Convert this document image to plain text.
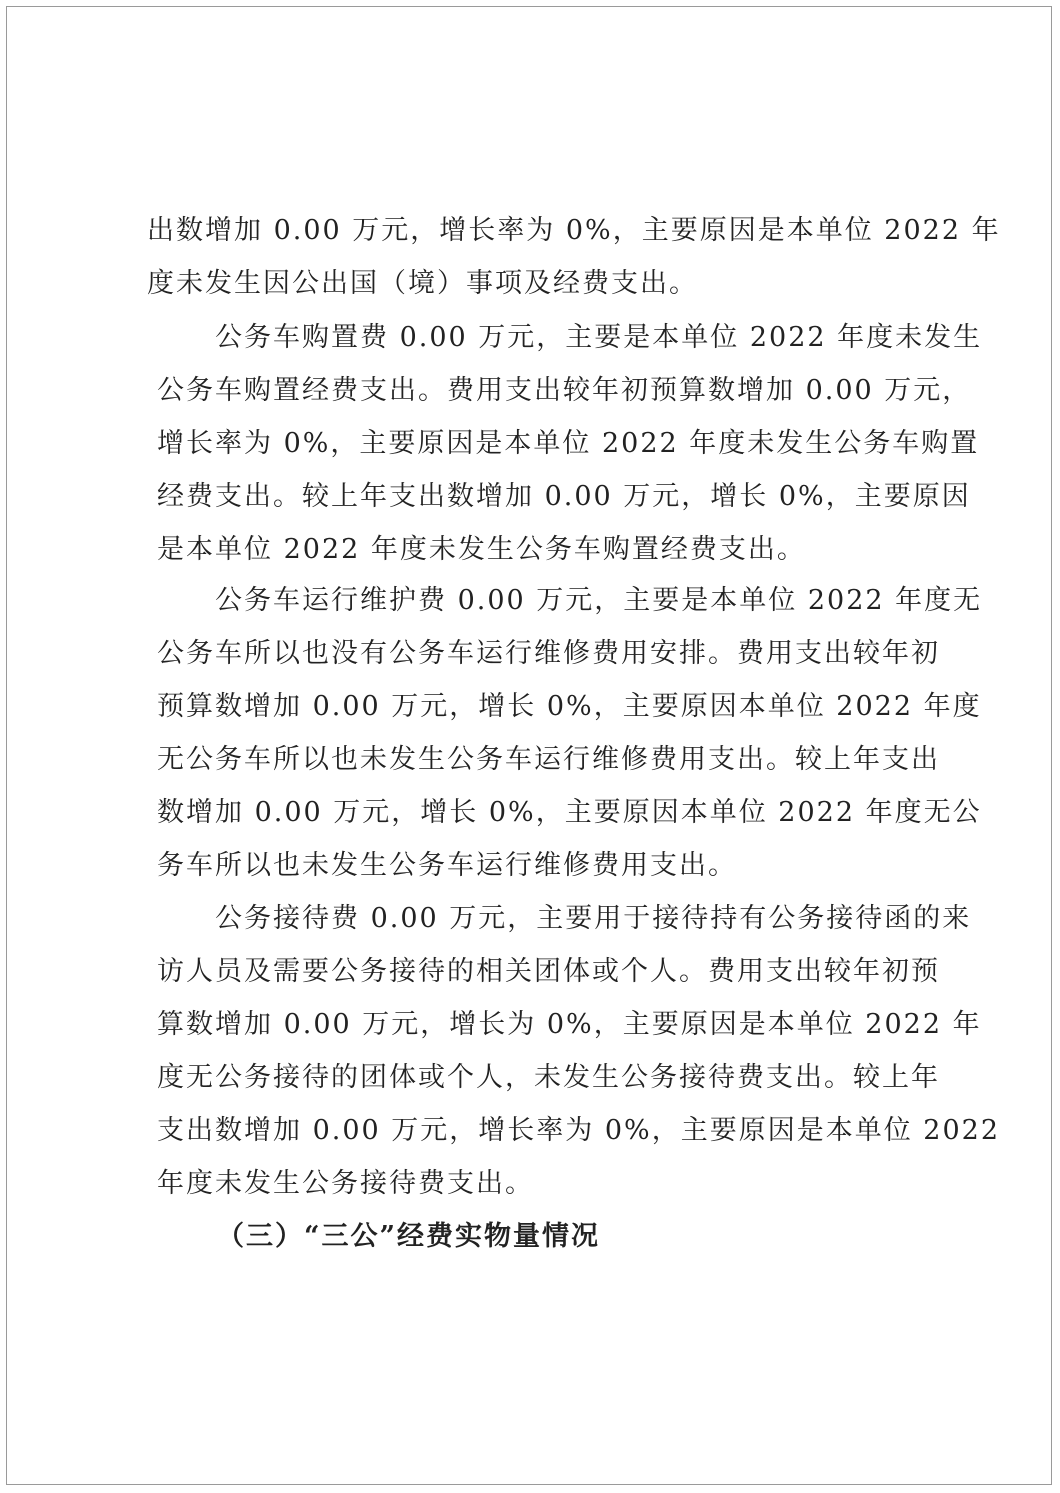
出数增加 0.00 万元，增长率为 0%，主要原因是本单位 2022 年
度未发生因公出国（境）事项及经费支出。
公务车购置费 0.00 万元，主要是本单位 2022 年度未发生
公务车购置经费支出。费用支出较年初预算数增加 0.00 万元，
增长率为 0%，主要原因是本单位 2022 年度未发生公务车购置
经费支出。较上年支出数增加 0.00 万元，增长 0%，主要原因
是本单位 2022 年度未发生公务车购置经费支出。
公务车运行维护费 0.00 万元，主要是本单位 2022 年度无
公务车所以也没有公务车运行维修费用安排。费用支出较年初
预算数增加 0.00 万元，增长 0%，主要原因本单位 2022 年度
无公务车所以也未发生公务车运行维修费用支出。较上年支出
数增加 0.00 万元，增长 0%，主要原因本单位 2022 年度无公
务车所以也未发生公务车运行维修费用支出。
公务接待费 0.00 万元，主要用于接待持有公务接待函的来
访人员及需要公务接待的相关团体或个人。费用支出较年初预
算数增加 0.00 万元，增长为 0%，主要原因是本单位 2022 年
度无公务接待的团体或个人，未发生公务接待费支出。较上年
支出数增加 0.00 万元，增长率为 0%，主要原因是本单位 2022
年度未发生公务接待费支出。
（三）“三公”经费实物量情况
